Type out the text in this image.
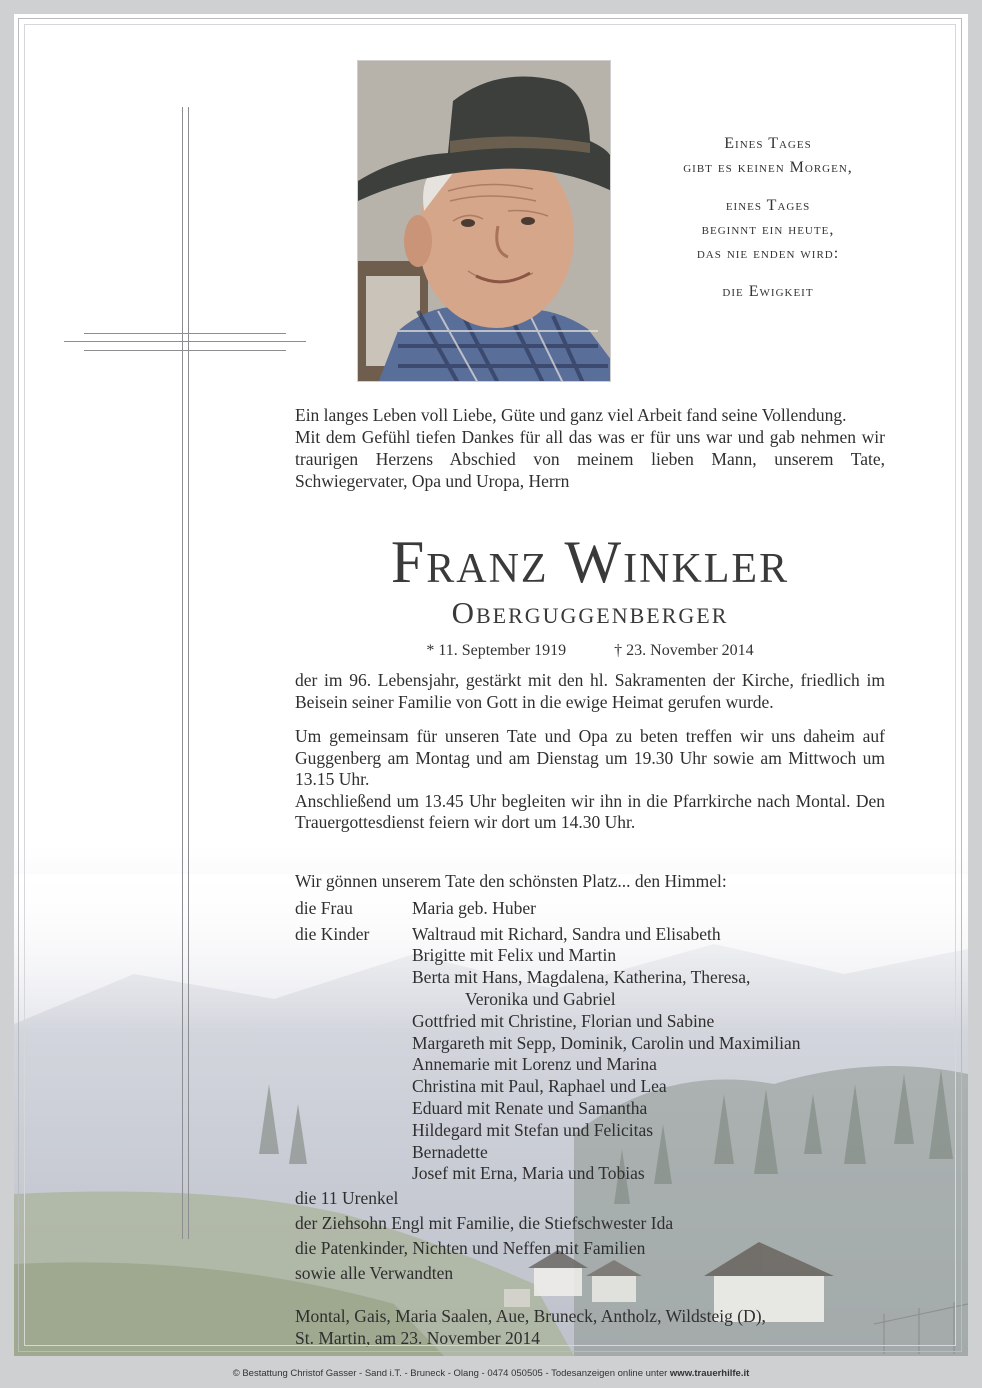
Eines Tages
gibt es keinen Morgen,
eines Tages
beginnt ein heute,
das nie enden wird:
die Ewigkeit

Ein langes Leben voll Liebe, Güte und ganz viel Arbeit fand seine Vollendung.

Mit dem Gefühl tiefen Dankes für all das was er für uns war und gab nehmen wir traurigen Herzens Abschied von meinem lieben Mann, unserem Tate, Schwiegervater, Opa und Uropa, Herrn

Franz Winkler
Oberguggenberger
* 11. September 1919	† 23. November 2014

der im 96. Lebensjahr, gestärkt mit den hl. Sakramenten der Kirche, friedlich im Beisein seiner Familie von Gott in die ewige Heimat gerufen wurde.

Um gemeinsam für unseren Tate und Opa zu beten treffen wir uns daheim auf Guggenberg am Montag und am Dienstag um 19.30 Uhr sowie am Mittwoch um 13.15 Uhr.

Anschließend um 13.45 Uhr begleiten wir ihn in die Pfarrkirche nach Montal. Den Trauergottesdienst feiern wir dort um 14.30 Uhr.

Wir gönnen unserem Tate den schönsten Platz... den Himmel:
die Frau	Maria geb. Huber
die Kinder	Waltraud mit Richard, Sandra und Elisabeth
Brigitte mit Felix und Martin
Berta mit Hans, Magdalena, Katherina, Theresa,
Veronika und Gabriel
Gottfried mit Christine, Florian und Sabine
Margareth mit Sepp, Dominik, Carolin und Maximilian
Annemarie mit Lorenz und Marina
Christina mit Paul, Raphael und Lea
Eduard mit Renate und Samantha
Hildegard mit Stefan und Felicitas
Bernadette
Josef mit Erna, Maria und Tobias
die 11 Urenkel
der Ziehsohn Engl mit Familie, die Stiefschwester Ida
die Patenkinder, Nichten und Neffen mit Familien
sowie alle Verwandten
Montal, Gais, Maria Saalen, Aue, Bruneck, Antholz, Wildsteig (D),
St. Martin, am 23. November 2014
© Bestattung Christof Gasser - Sand i.T. - Bruneck - Olang - 0474 050505 - Todesanzeigen online unter www.trauerhilfe.it
